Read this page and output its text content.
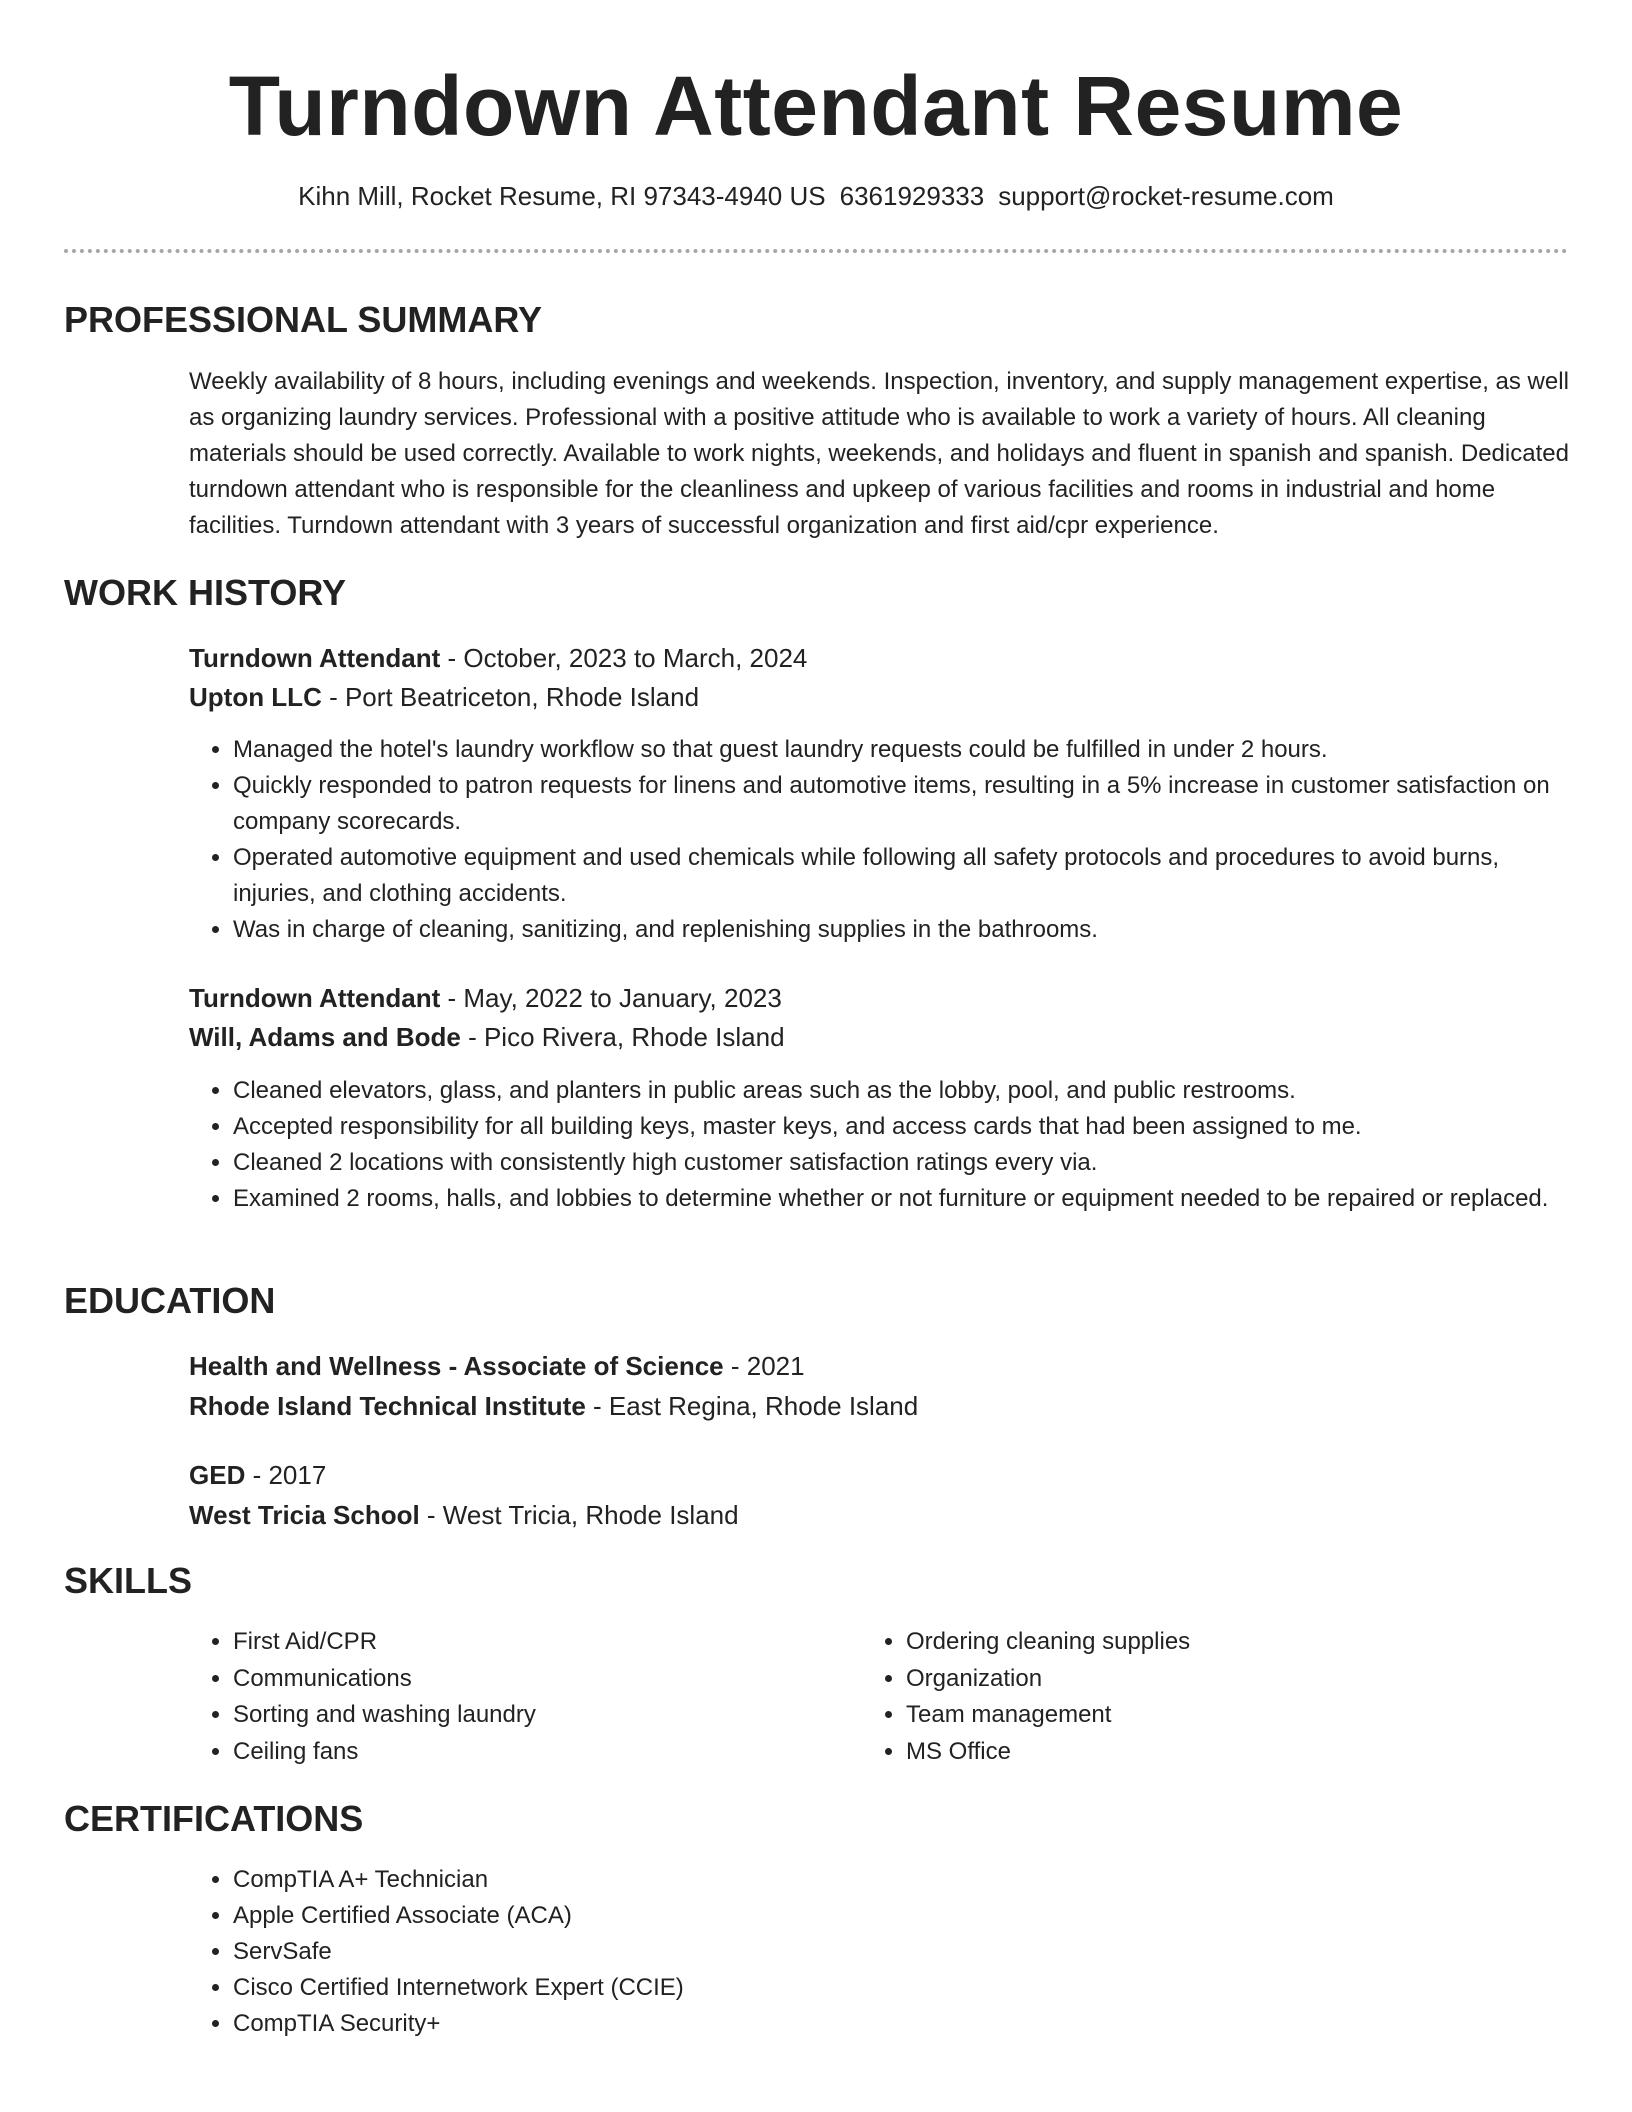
Turndown Attendant Resume
Kihn Mill, Rocket Resume, RI 97343-4940 US 6361929333 support@rocket-resume.com
PROFESSIONAL SUMMARY
Weekly availability of 8 hours, including evenings and weekends. Inspection, inventory, and supply management expertise, as well as organizing laundry services. Professional with a positive attitude who is available to work a variety of hours. All cleaning materials should be used correctly. Available to work nights, weekends, and holidays and fluent in spanish and spanish. Dedicated turndown attendant who is responsible for the cleanliness and upkeep of various facilities and rooms in industrial and home facilities. Turndown attendant with 3 years of successful organization and first aid/cpr experience.
WORK HISTORY
Turndown Attendant - October, 2023 to March, 2024
Upton LLC - Port Beatriceton, Rhode Island
• Managed the hotel's laundry workflow so that guest laundry requests could be fulfilled in under 2 hours.
• Quickly responded to patron requests for linens and automotive items, resulting in a 5% increase in customer satisfaction on company scorecards.
• Operated automotive equipment and used chemicals while following all safety protocols and procedures to avoid burns, injuries, and clothing accidents.
• Was in charge of cleaning, sanitizing, and replenishing supplies in the bathrooms.
Turndown Attendant - May, 2022 to January, 2023
Will, Adams and Bode - Pico Rivera, Rhode Island
• Cleaned elevators, glass, and planters in public areas such as the lobby, pool, and public restrooms.
• Accepted responsibility for all building keys, master keys, and access cards that had been assigned to me.
• Cleaned 2 locations with consistently high customer satisfaction ratings every via.
• Examined 2 rooms, halls, and lobbies to determine whether or not furniture or equipment needed to be repaired or replaced.
EDUCATION
Health and Wellness - Associate of Science - 2021
Rhode Island Technical Institute - East Regina, Rhode Island
GED - 2017
West Tricia School - West Tricia, Rhode Island
SKILLS
• First Aid/CPR
• Communications
• Sorting and washing laundry
• Ceiling fans
• Ordering cleaning supplies
• Organization
• Team management
• MS Office
CERTIFICATIONS
• CompTIA A+ Technician
• Apple Certified Associate (ACA)
• ServSafe
• Cisco Certified Internetwork Expert (CCIE)
• CompTIA Security+
